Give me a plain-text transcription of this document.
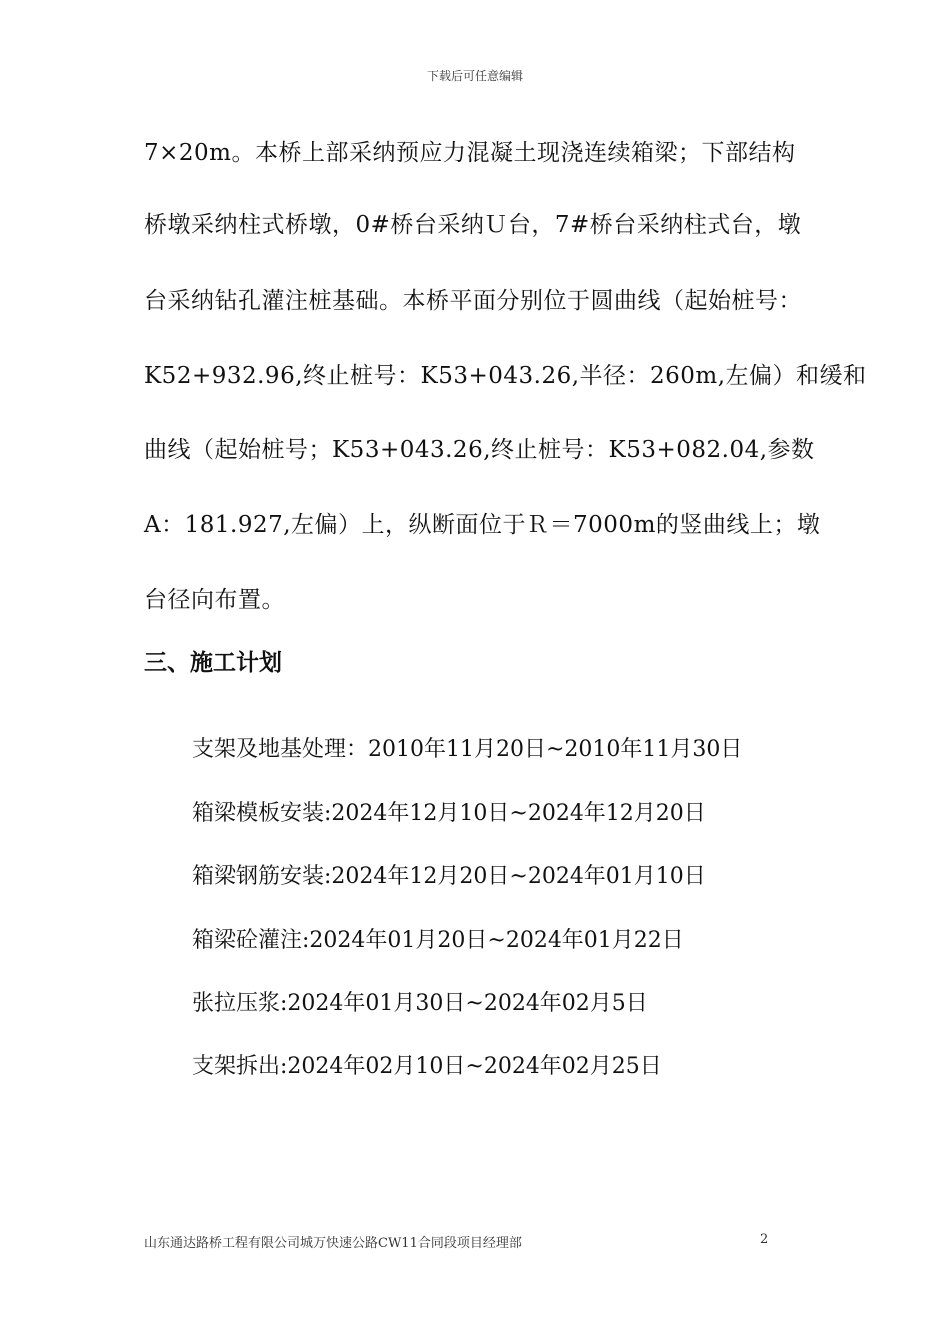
下载后可任意编辑
7×20m。本桥上部采纳预应力混凝土现浇连续箱梁；下部结构
桥墩采纳柱式桥墩，0#桥台采纳Ｕ台，7#桥台采纳柱式台，墩
台采纳钻孔灌注桩基础。本桥平面分别位于圆曲线（起始桩号：
K52+932.96,终止桩号：K53+043.26,半径：260m,左偏）和缓和
曲线（起始桩号；K53+043.26,终止桩号：K53+082.04,参数
A：181.927,左偏）上，纵断面位于Ｒ＝7000m的竖曲线上；墩
台径向布置。
三、施工计划
支架及地基处理：2010年11月20日~2010年11月30日
箱梁模板安装:2024年12月10日~2024年12月20日
箱梁钢筋安装:2024年12月20日~2024年01月10日
箱梁砼灌注:2024年01月20日~2024年01月22日
张拉压浆:2024年01月30日~2024年02月5日
支架拆出:2024年02月10日~2024年02月25日
山东通达路桥工程有限公司城万快速公路CW11合同段项目经理部	2
